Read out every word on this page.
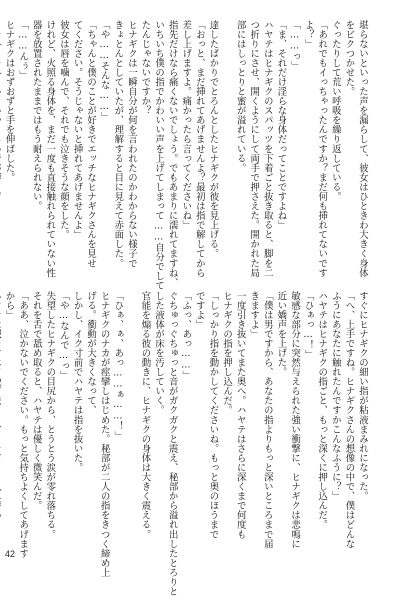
堪らないといった声を漏らして、彼女はひときわ大きく身体
をビクつかせた。
ぐったりして荒い呼吸を繰り返している。
「あれでもイっちゃったんですか？まだ何も挿れてないです
よ？」
「……っ」
「ま、それだけ淫らな身体だってことですよね」
ハヤテはヒナギクのスパッツを下着ごと抜き取ると、脚を二
つ折りにさせ、開くようにして両手で押さえた。開かれた局
部にはしっとりと蜜が溢れている。

達したばかりでとろんとしたヒナギクが彼を見上げる。
「おっと、まだ挿れてあげませんよ？最初は指で解してから
差し上げますよ。痛かったら言ってくださいね」
指先だけなら痛くないでしょう。でもあまりに濡れてますね、
いちいち僕の指でかわいい声を上げてしまって……自分でして
たんじゃないですか？
ヒナギクは一瞬自分が何を言われたのかわからない様子で
きょとんとしていたが、理解すると目に見えて赤面した。
「や……そんな……」
「ちゃんと僕のことが好きでエッチなヒナギクさんを見せ
てください。そうじゃないと挿れてあげませんよ」
彼女は唇を噛んで、それでも泣きそうな顔をした。
けれど、火照る身体を、まだ一度も直接触れられていない性
器を放置されたままではもう耐えられない。
「……んぅ」
ヒナギクはおずおずと手を伸ばした。
すぐにヒナギクの細い指が粘液まみれになった。
「へ、上手ですね。ヒナギクさんの想像の中で、僕はどんな
ふうにあなたに触れたんですかこんなふうに？」
ハヤテはヒナギクの指ごと、もっと深くに押し込んだ。
「ひぁっ…！」
敏感な部分に突然与えられた強い衝撃に、ヒナギクは悲鳴に
近い嬌声を上げた。
「僕は男ですから、あなたの指よりもっと深いところまで届
きますよ」
一度引き抜いてまた奥へ。ハヤテはさらに深くまで何度も
ヒナギクの指を押し込んだ。
「しっかり指を動かしてくださいね。もっと奥のほうまで
ですよ」
「ふっ、あっ……」
ぐちゅっぐちゅっと音がガクガクと震え、秘部から溢れ出したとろりと
した液体が床を汚していく。
官能を煽る彼の動きに、ヒナギクの身体は大きく震える。

「ひぁ、ぁ、あっ……ぁ……！」
ヒナギクのナカが痙攣しはじめた。秘部が二人の指をきつく締め上
げる。衝動が大きくなって、
しかし、イク寸前でハヤテは指を抜いた。
「や…なんで…っ」
失望したヒナギクの目尻から、とうとう涙が零れ落ちる。
それを舌で舐め取ると、ハヤテは優しく微笑んだ。
「ああ、泣かないでください。もっと気持ちよくしてあげます
から」
42
